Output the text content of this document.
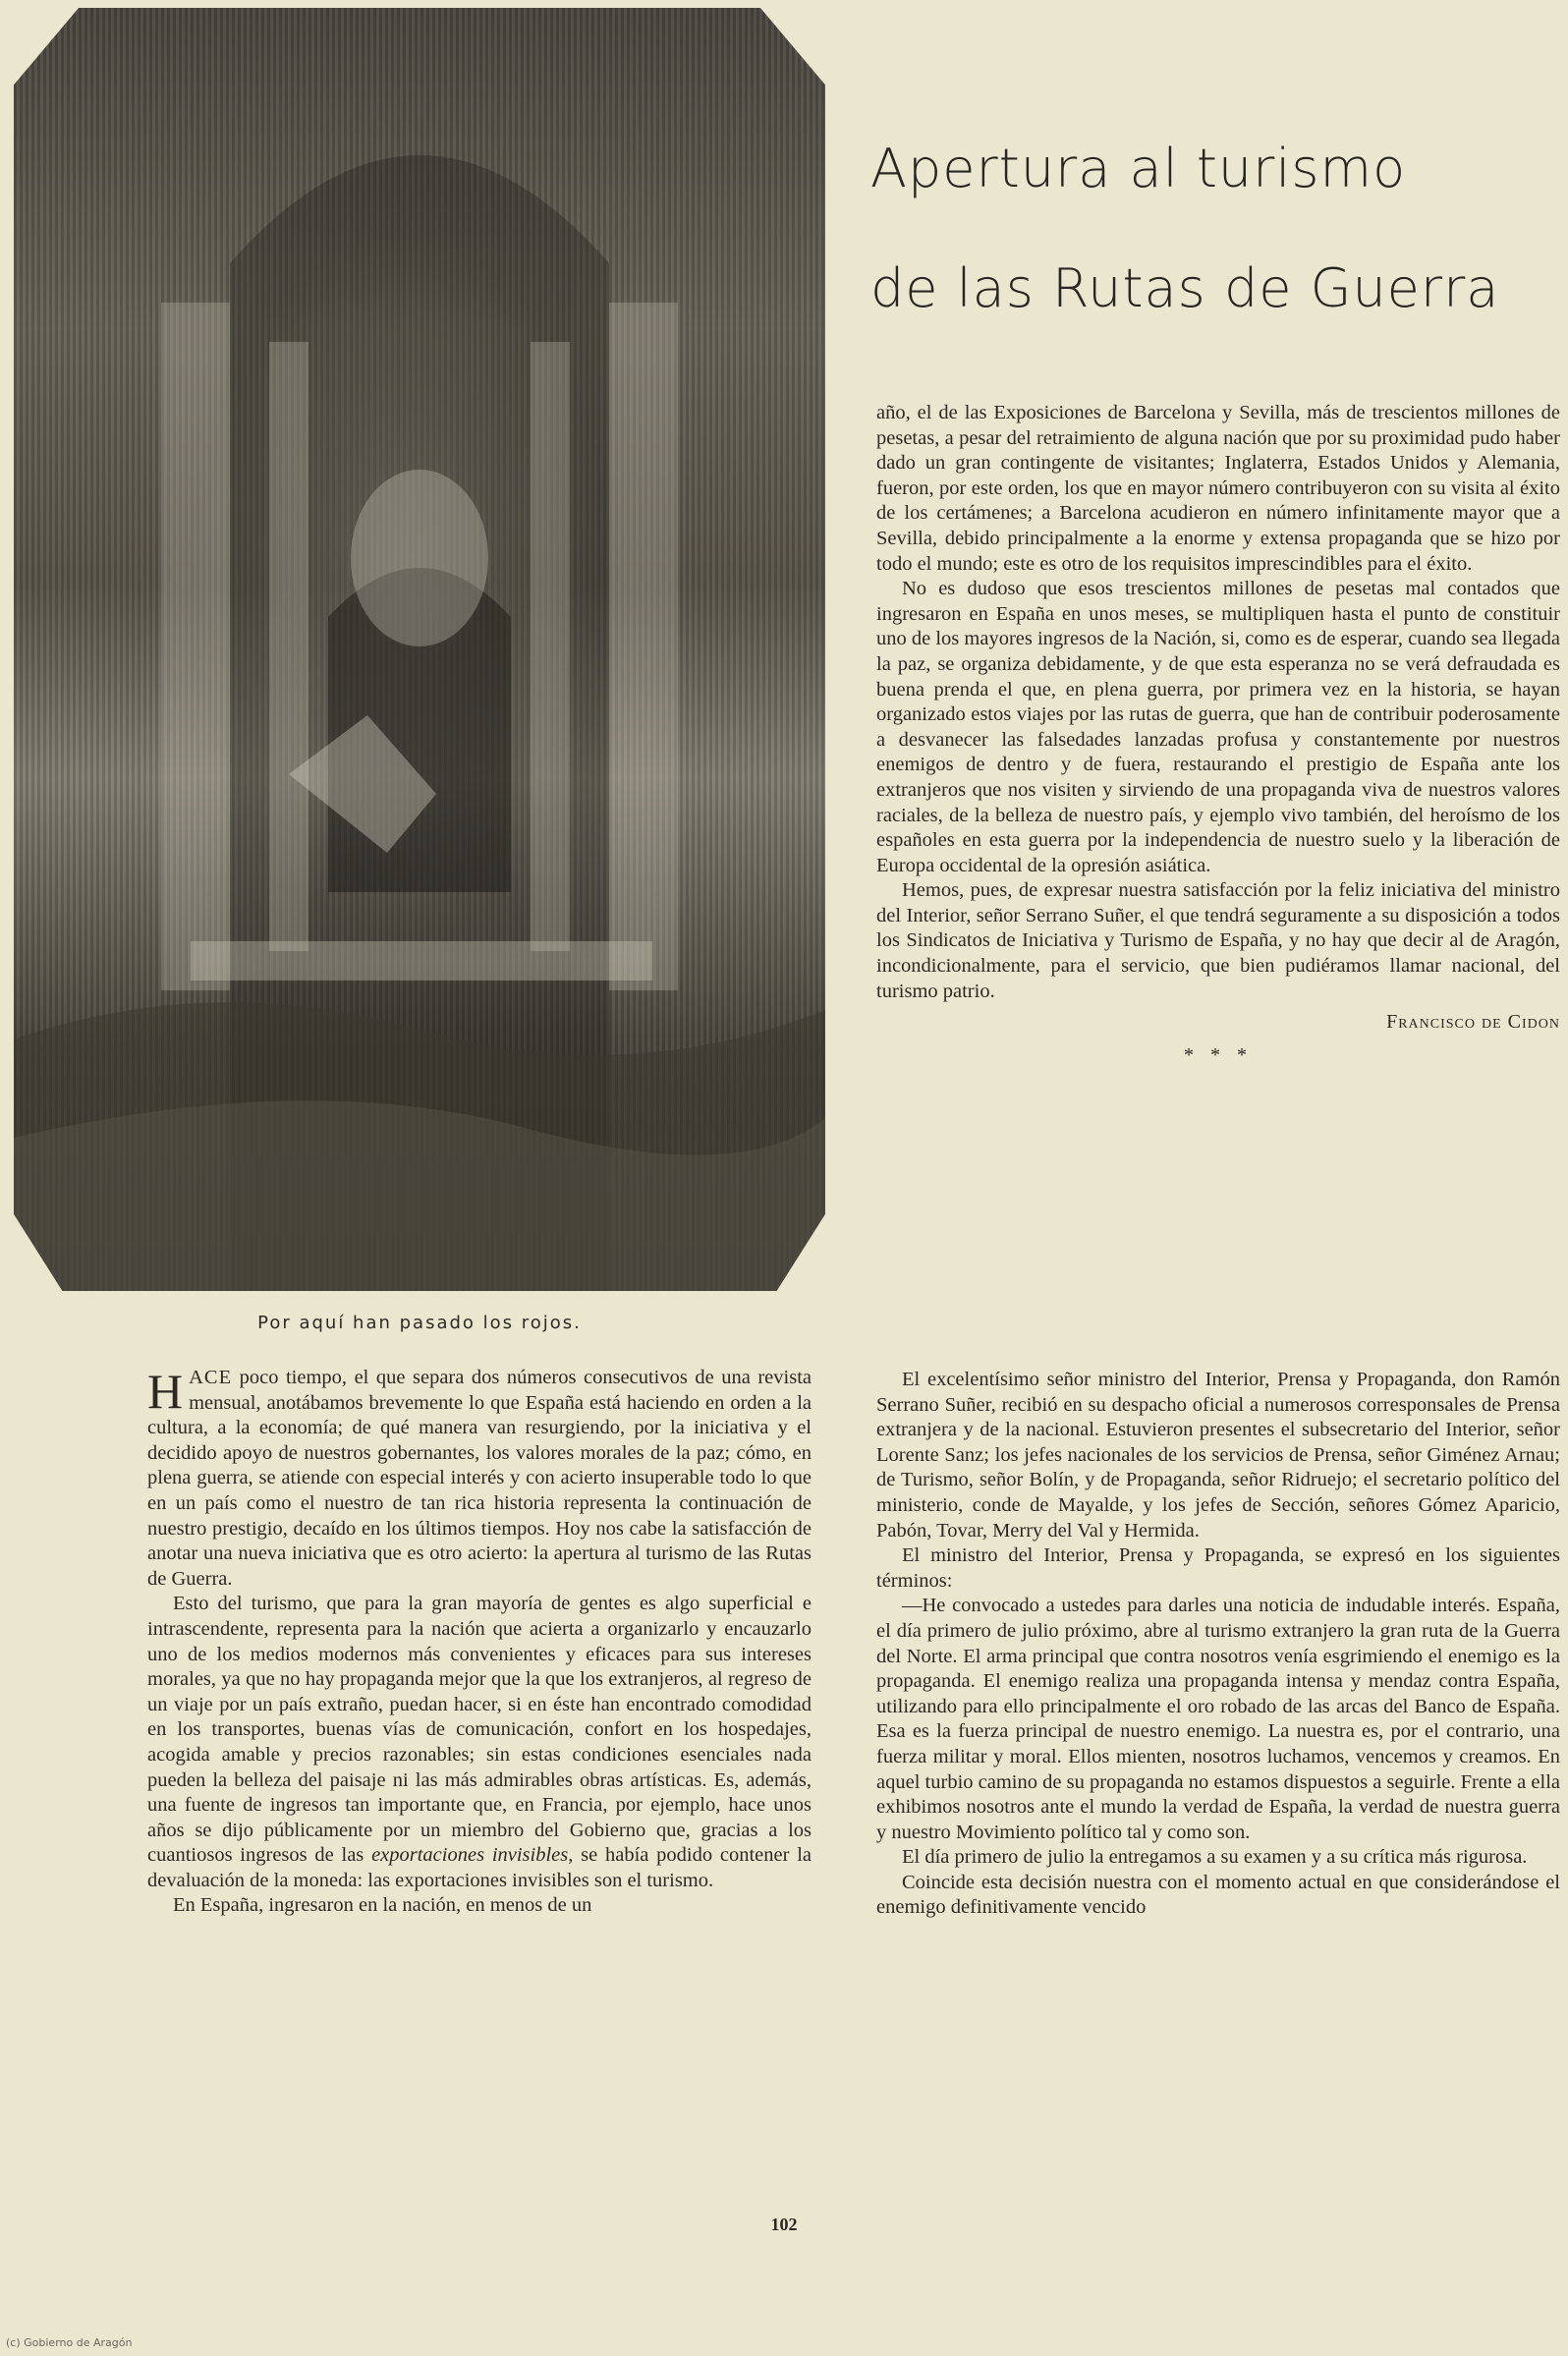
Por aquí han pasado los rojos.
Apertura al turismo
de las Rutas de Guerra

HACE poco tiempo, el que separa dos números consecutivos de una revista mensual, anotábamos brevemente lo que España está haciendo en orden a la cultura, a la economía; de qué manera van resurgiendo, por la iniciativa y el decidido apoyo de nuestros gobernantes, los valores morales de la paz; cómo, en plena guerra, se atiende con especial interés y con acierto insuperable todo lo que en un país como el nuestro de tan rica historia representa la continuación de nuestro prestigio, decaído en los últimos tiempos. Hoy nos cabe la satisfacción de anotar una nueva iniciativa que es otro acierto: la apertura al turismo de las Rutas de Guerra.

Esto del turismo, que para la gran mayoría de gentes es algo superficial e intrascendente, representa para la nación que acierta a organizarlo y encauzarlo uno de los medios modernos más convenientes y eficaces para sus intereses morales, ya que no hay propaganda mejor que la que los extranjeros, al regreso de un viaje por un país extraño, puedan hacer, si en éste han encontrado comodidad en los transportes, buenas vías de comunicación, confort en los hospedajes, acogida amable y precios razonables; sin estas condiciones esenciales nada pueden la belleza del paisaje ni las más admirables obras artísticas. Es, además, una fuente de ingresos tan importante que, en Francia, por ejemplo, hace unos años se dijo públicamente por un miembro del Gobierno que, gracias a los cuantiosos ingresos de las exportaciones invisibles, se había podido contener la devaluación de la moneda: las exportaciones invisibles son el turismo.

En España, ingresaron en la nación, en menos de un

año, el de las Exposiciones de Barcelona y Sevilla, más de trescientos millones de pesetas, a pesar del retraimiento de alguna nación que por su proximidad pudo haber dado un gran contingente de visitantes; Inglaterra, Estados Unidos y Alemania, fueron, por este orden, los que en mayor número contribuyeron con su visita al éxito de los certámenes; a Barcelona acudieron en número infinitamente mayor que a Sevilla, debido principalmente a la enorme y extensa propaganda que se hizo por todo el mundo; este es otro de los requisitos imprescindibles para el éxito.

No es dudoso que esos trescientos millones de pesetas mal contados que ingresaron en España en unos meses, se multipliquen hasta el punto de constituir uno de los mayores ingresos de la Nación, si, como es de esperar, cuando sea llegada la paz, se organiza debidamente, y de que esta esperanza no se verá defraudada es buena prenda el que, en plena guerra, por primera vez en la historia, se hayan organizado estos viajes por las rutas de guerra, que han de contribuir poderosamente a desvanecer las falsedades lanzadas profusa y constantemente por nuestros enemigos de dentro y de fuera, restaurando el prestigio de España ante los extranjeros que nos visiten y sirviendo de una propaganda viva de nuestros valores raciales, de la belleza de nuestro país, y ejemplo vivo también, del heroísmo de los españoles en esta guerra por la independencia de nuestro suelo y la liberación de Europa occidental de la opresión asiática.

Hemos, pues, de expresar nuestra satisfacción por la feliz iniciativa del ministro del Interior, señor Serrano Suñer, el que tendrá seguramente a su disposición a todos los Sindicatos de Iniciativa y Turismo de España, y no hay que decir al de Aragón, incondicionalmente, para el servicio, que bien pudiéramos llamar nacional, del turismo patrio.

Francisco de Cidon
* * *

El excelentísimo señor ministro del Interior, Prensa y Propaganda, don Ramón Serrano Suñer, recibió en su despacho oficial a numerosos corresponsales de Prensa extranjera y de la nacional. Estuvieron presentes el subsecretario del Interior, señor Lorente Sanz; los jefes nacionales de los servicios de Prensa, señor Giménez Arnau; de Turismo, señor Bolín, y de Propaganda, señor Ridruejo; el secretario político del ministerio, conde de Mayalde, y los jefes de Sección, señores Gómez Aparicio, Pabón, Tovar, Merry del Val y Hermida.

El ministro del Interior, Prensa y Propaganda, se expresó en los siguientes términos:

—He convocado a ustedes para darles una noticia de indudable interés. España, el día primero de julio próximo, abre al turismo extranjero la gran ruta de la Guerra del Norte. El arma principal que contra nosotros venía esgrimiendo el enemigo es la propaganda. El enemigo realiza una propaganda intensa y mendaz contra España, utilizando para ello principalmente el oro robado de las arcas del Banco de España. Esa es la fuerza principal de nuestro enemigo. La nuestra es, por el contrario, una fuerza militar y moral. Ellos mienten, nosotros luchamos, vencemos y creamos. En aquel turbio camino de su propaganda no estamos dispuestos a seguirle. Frente a ella exhibimos nosotros ante el mundo la verdad de España, la verdad de nuestra guerra y nuestro Movimiento político tal y como son.

El día primero de julio la entregamos a su examen y a su crítica más rigurosa.

Coincide esta decisión nuestra con el momento actual en que considerándose el enemigo definitivamente vencido

102
(c) Gobierno de Aragón
